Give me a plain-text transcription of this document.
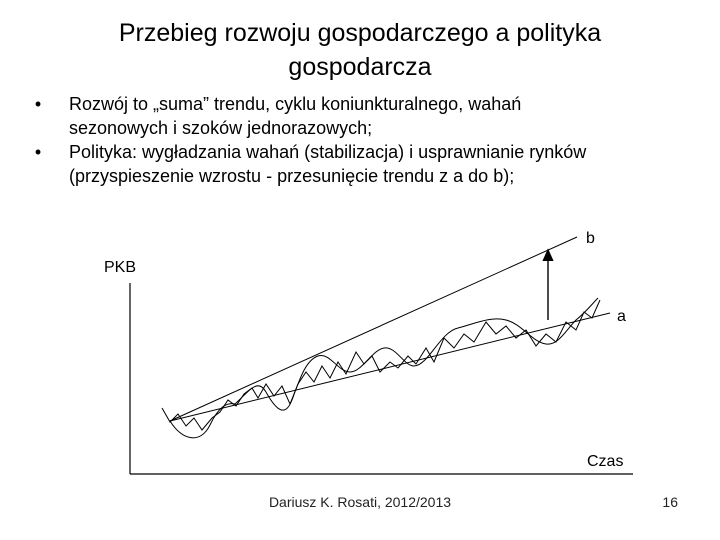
Przebieg rozwoju gospodarczego a polityka
gospodarcza
•	Rozwój to „suma” trendu, cyklu koniunkturalnego, wahań
sezonowych i szoków jednorazowych;
•	Polityka: wygładzania wahań (stabilizacja) i usprawnianie rynków
(przyspieszenie wzrostu - przesunięcie trendu z a do b);
PKB
Czas
b
a
Dariusz K. Rosati, 2012/2013	16
